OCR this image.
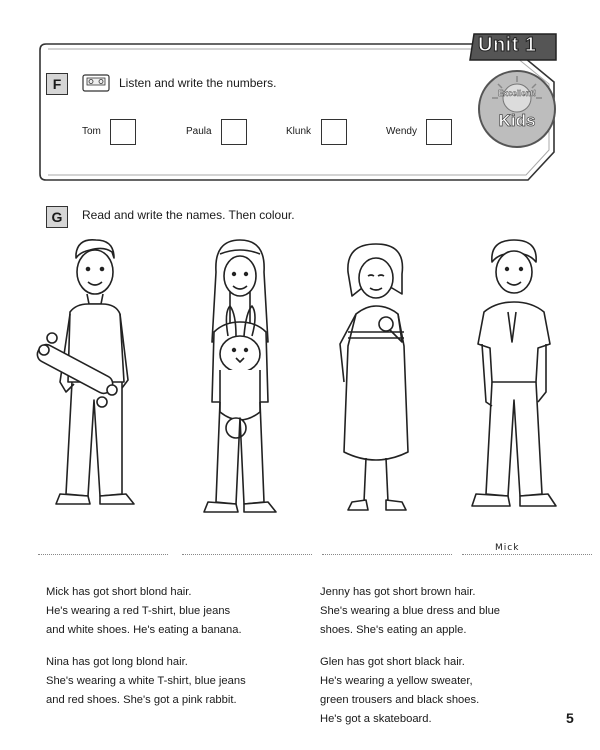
Unit 1
Excellent!
Kids
F	Listen and write the numbers.
Tom	Paula	Klunk	Wendy
G	Read and write the names. Then colour.
Mick
Mick has got short blond hair.
He's wearing a red T-shirt, blue jeans
and white shoes. He's eating a banana.
Nina has got long blond hair.
She's wearing a white T-shirt, blue jeans
and red shoes. She's got a pink rabbit.
Jenny has got short brown hair.
She's wearing a blue dress and blue
shoes. She's eating an apple.
Glen has got short black hair.
He's wearing a yellow sweater,
green trousers and black shoes.
He's got a skateboard.	5
